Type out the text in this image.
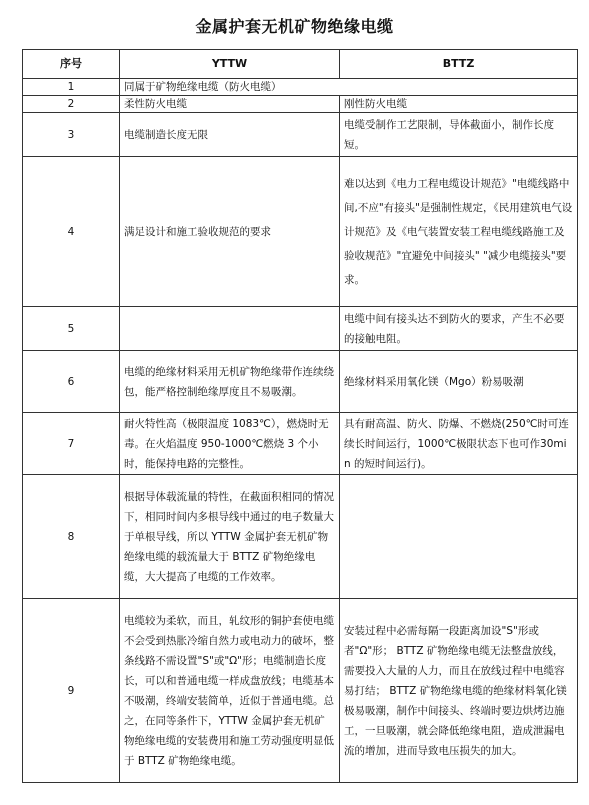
金属护套无机矿物绝缘电缆
序号	YTTW	BTTZ
1	同属于矿物绝缘电缆（防火电缆）	
2	柔性防火电缆	刚性防火电缆
3	电缆制造长度无限	电缆受制作工艺限制，导体截面小，制作长度短。
4	满足设计和施工验收规范的要求	难以达到《电力工程电缆设计规范》"电缆线路中间,不应"有接头"是强制性规定，《民用建筑电气设计规范》及《电气装置安装工程电缆线路施工及验收规范》"宜避免中间接头" "减少电缆接头"要求。
5		电缆中间有接头达不到防火的要求，产生不必要的接触电阻。
6	电缆的绝缘材料采用无机矿物绝缘带作连续绕包，能严格控制绝缘厚度且不易吸潮。	绝缘材料采用氧化镁（Mgo）粉易吸潮
7	耐火特性高（极限温度 1083℃），燃烧时无毒。在火焰温度 950-1000℃燃烧 3 个小时，能保持电路的完整性。	具有耐高温、防火、防爆、不燃烧(250℃时可连续长时间运行，1000℃极限状态下也可作30min 的短时间运行)。
8	根据导体载流量的特性，在截面积相同的情况下，相同时间内多根导线中通过的电子数量大于单根导线，所以 YTTW 金属护套无机矿物绝缘电缆的载流量大于 BTTZ 矿物绝缘电缆，大大提高了电缆的工作效率。	
9	电缆较为柔软，而且，轧纹形的铜护套使电缆不会受到热胀冷缩自然力或电动力的破坏，整条线路不需设置"S"或"Ω"形；电缆制造长度长，可以和普通电缆一样成盘放线；电缆基本不吸潮，终端安装简单，近似于普通电缆。总之，在同等条件下，YTTW 金属护套无机矿物绝缘电缆的安装费用和施工劳动强度明显低于 BTTZ 矿物绝缘电缆。	安装过程中必需每隔一段距离加设"S"形或者"Ω"形； BTTZ 矿物绝缘电缆无法整盘放线，需要投入大量的人力，而且在放线过程中电缆容易打结； BTTZ 矿物绝缘电缆的绝缘材料氧化镁极易吸潮，制作中间接头、终端时要边烘烤边施工，一旦吸潮，就会降低绝缘电阻，造成泄漏电流的增加，进而导致电压损失的加大。
